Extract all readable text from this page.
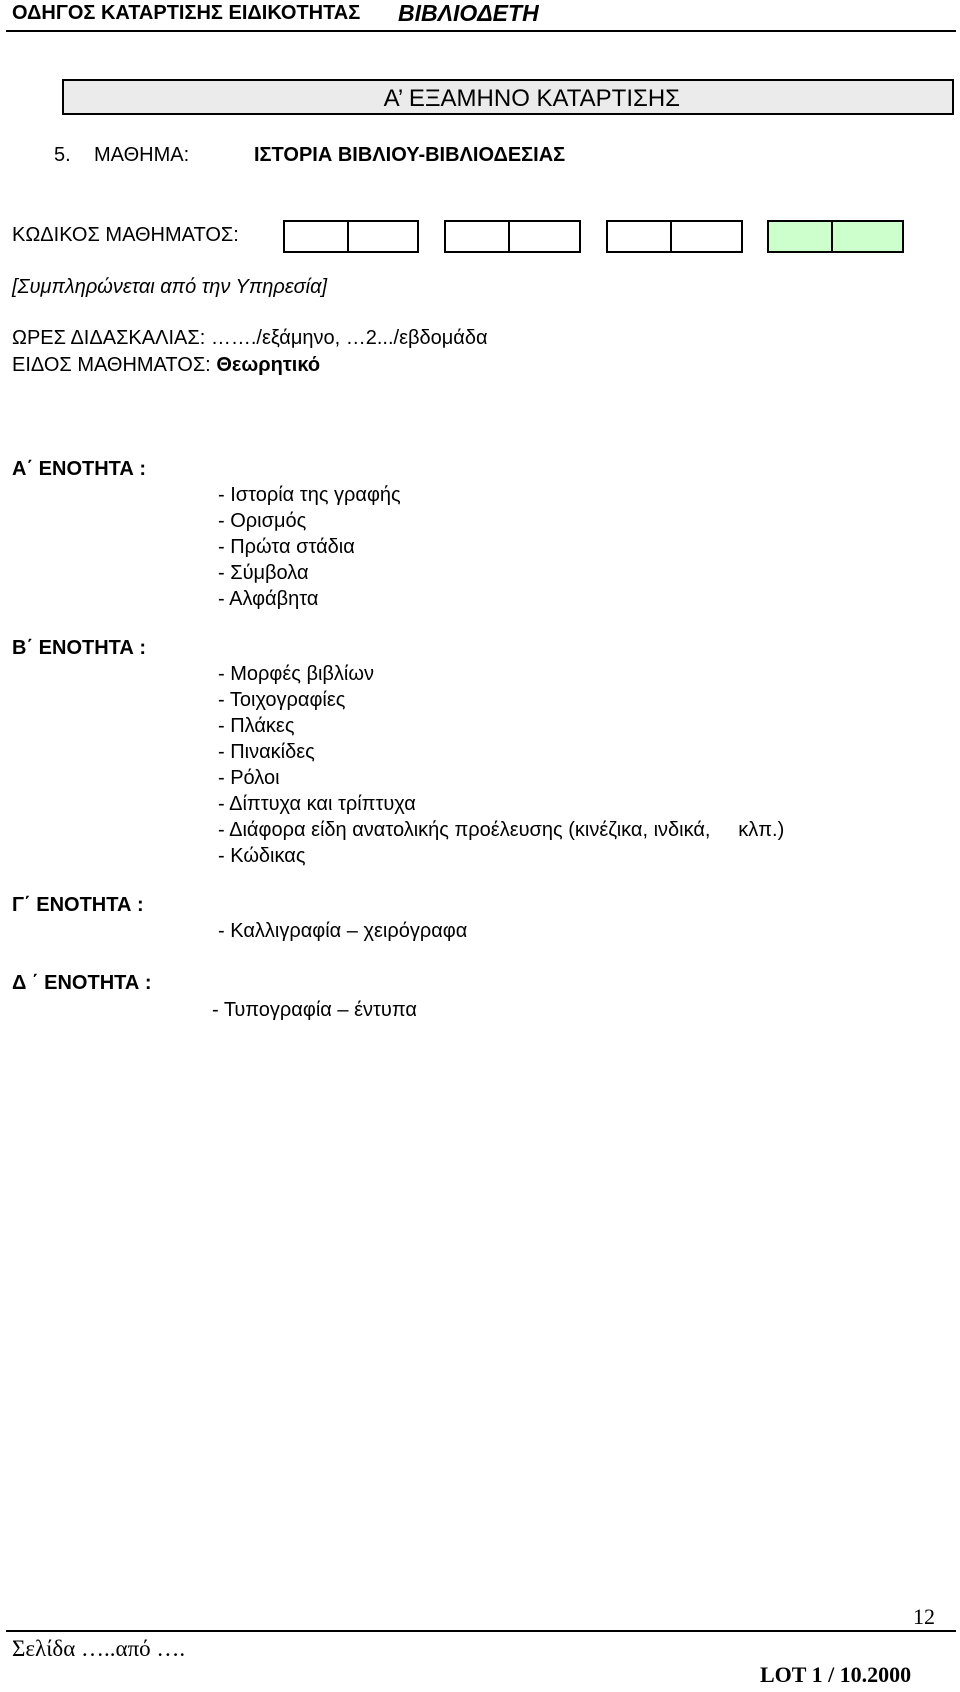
ΟΔΗΓΟΣ ΚΑΤΑΡΤΙΣΗΣ ΕΙΔΙΚΟΤΗΤΑΣ ΒΙΒΛΙΟΔΕΤΗ
Α’ ΕΞΑΜΗΝΟ ΚΑΤΑΡΤΙΣΗΣ
5. ΜΑΘΗΜΑ:	ΙΣΤΟΡΙΑ ΒΙΒΛΙΟΥ-ΒΙΒΛΙΟΔΕΣΙΑΣ
ΚΩΔΙΚΟΣ ΜΑΘΗΜΑΤΟΣ:
[Συμπληρώνεται από την Υπηρεσία]
ΩΡΕΣ ΔΙΔΑΣΚΑΛΙΑΣ: ……./εξάμηνο, …2.../εβδομάδα
ΕΙΔΟΣ ΜΑΘΗΜΑΤΟΣ: Θεωρητικό
Α΄ ΕΝΟΤΗΤΑ :
- Ιστορία της γραφής
- Ορισμός
- Πρώτα στάδια
- Σύμβολα
- Αλφάβητα
Β΄ ΕΝΟΤΗΤΑ :
- Μορφές βιβλίων
- Τοιχογραφίες
- Πλάκες
- Πινακίδες
- Ρόλοι
- Δίπτυχα και τρίπτυχα
- Διάφορα είδη ανατολικής προέλευσης (κινέζικα, ινδικά,     κλπ.)
- Κώδικας
Γ΄ ΕΝΟΤΗΤΑ :
- Καλλιγραφία – χειρόγραφα
Δ ΄ ΕΝΟΤΗΤΑ :
- Τυπογραφία – έντυπα
12
Σελίδα …..από ….
LOT 1 / 10.2000
